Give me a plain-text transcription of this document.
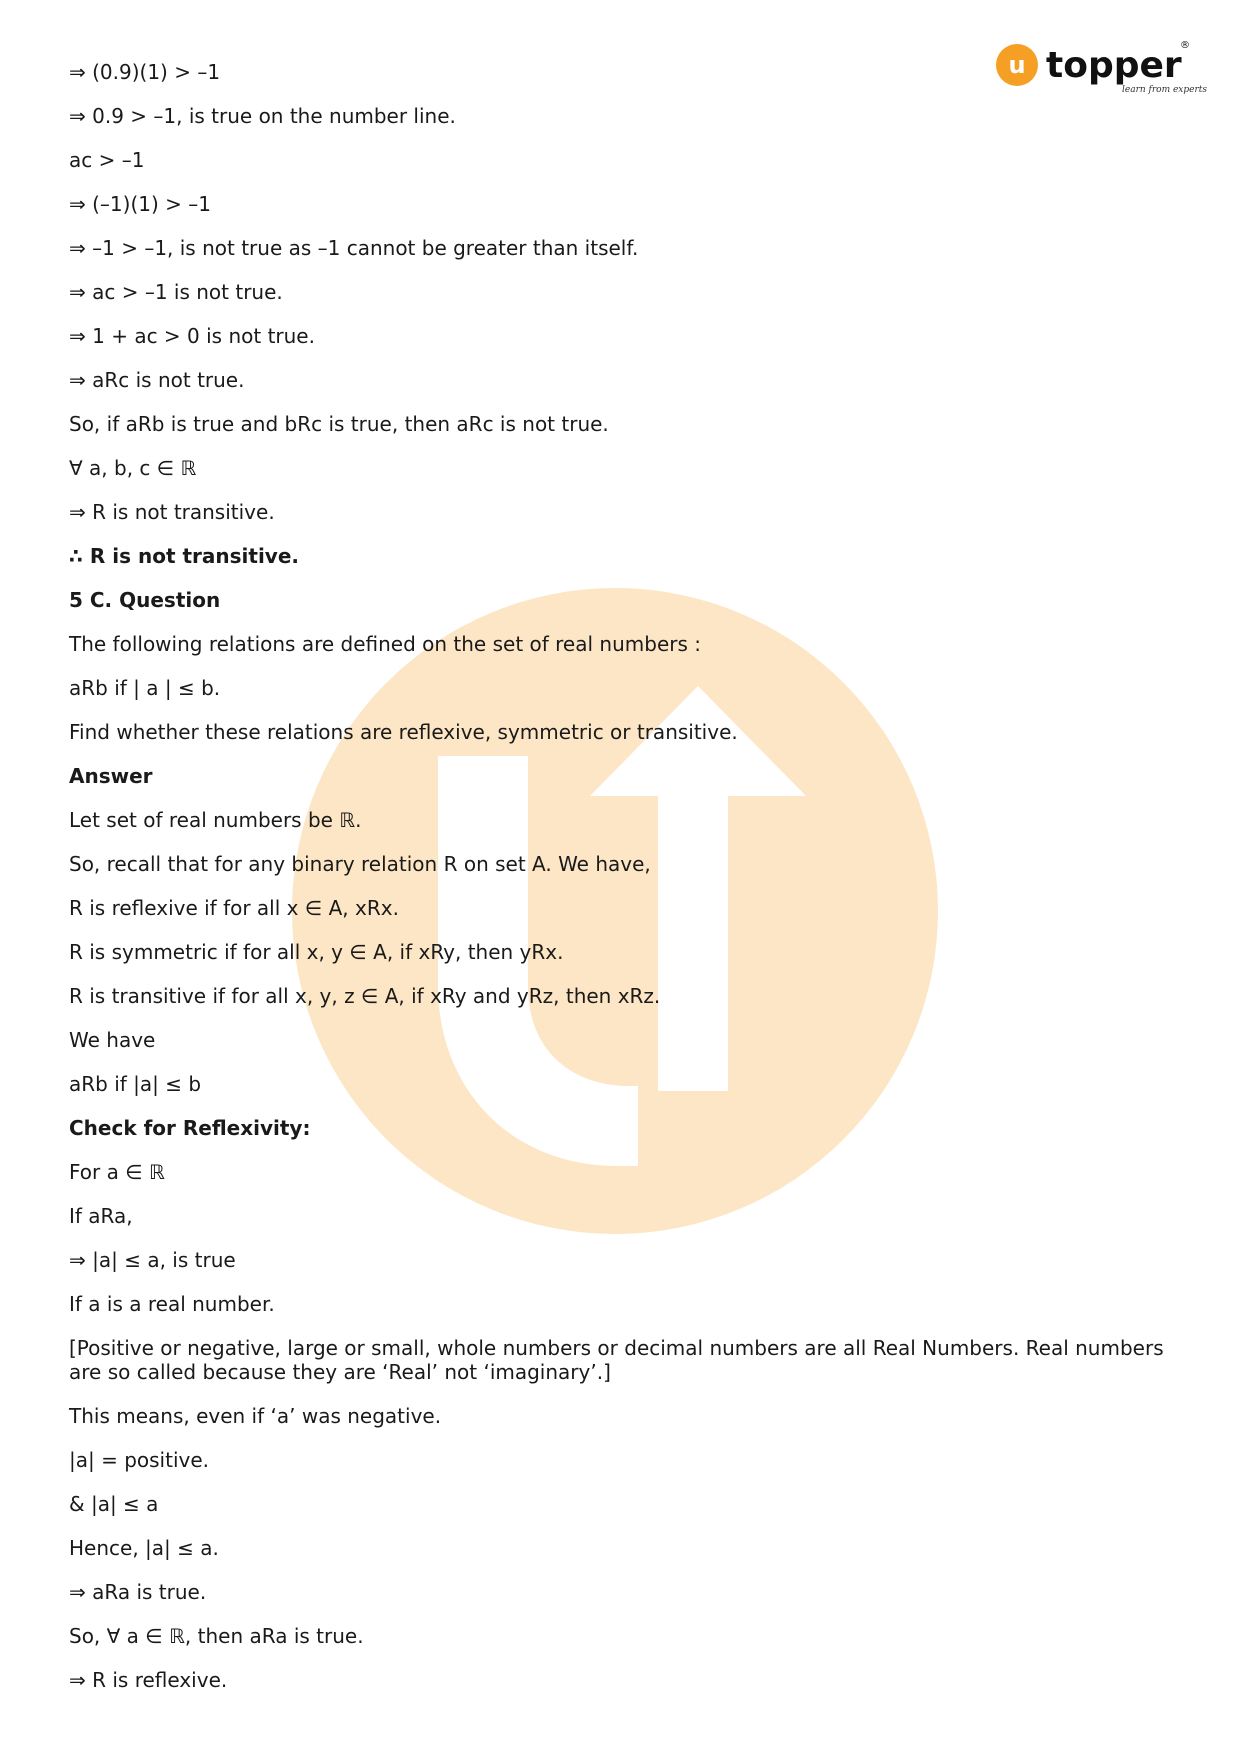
u topper
®
learn from experts
⇒ (0.9)(1) > –1
⇒ 0.9 > –1, is true on the number line.
ac > –1
⇒ (–1)(1) > –1
⇒ –1 > –1, is not true as –1 cannot be greater than itself.
⇒ ac > –1 is not true.
⇒ 1 + ac > 0 is not true.
⇒ aRc is not true.
So, if aRb is true and bRc is true, then aRc is not true.
∀ a, b, c ∈ ℝ
⇒ R is not transitive.
∴ R is not transitive.
5 C. Question
The following relations are defined on the set of real numbers :
aRb if | a | ≤ b.
Find whether these relations are reflexive, symmetric or transitive.
Answer
Let set of real numbers be ℝ.
So, recall that for any binary relation R on set A. We have,
R is reflexive if for all x ∈ A, xRx.
R is symmetric if for all x, y ∈ A, if xRy, then yRx.
R is transitive if for all x, y, z ∈ A, if xRy and yRz, then xRz.
We have
aRb if |a| ≤ b
Check for Reflexivity:
For a ∈ ℝ
If aRa,
⇒ |a| ≤ a, is true
If a is a real number.
[Positive or negative, large or small, whole numbers or decimal numbers are all Real Numbers. Real numbers are so called because they are ‘Real’ not ‘imaginary’.]
This means, even if ‘a’ was negative.
|a| = positive.
& |a| ≤ a
Hence, |a| ≤ a.
⇒ aRa is true.
So, ∀ a ∈ ℝ, then aRa is true.
⇒ R is reflexive.
